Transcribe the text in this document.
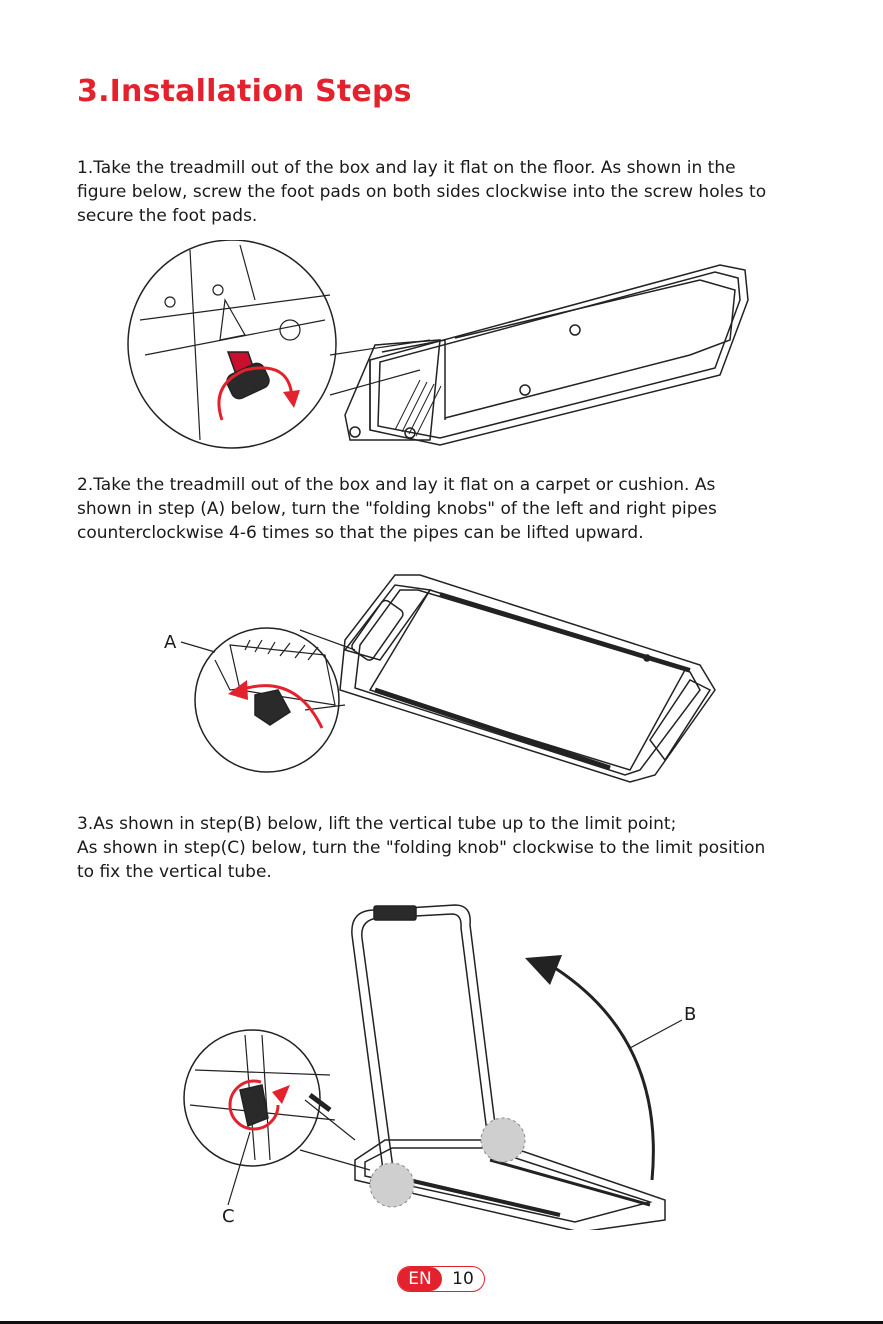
3.Installation Steps

1.Take the treadmill out of the box and lay it flat on the floor. As shown in the
figure below, screw the foot pads on both sides clockwise into the screw holes to
secure the foot pads.

2.Take the treadmill out of the box and lay it flat on a carpet or cushion. As
shown in step (A) below, turn the "folding knobs" of the left and right pipes
counterclockwise 4-6 times so that the pipes can be lifted upward.

A

3.As shown in step(B) below, lift the vertical tube up to the limit point;
As shown in step(C) below, turn the "folding knob" clockwise to the limit position
to fix the vertical tube.

B
C
EN	10
